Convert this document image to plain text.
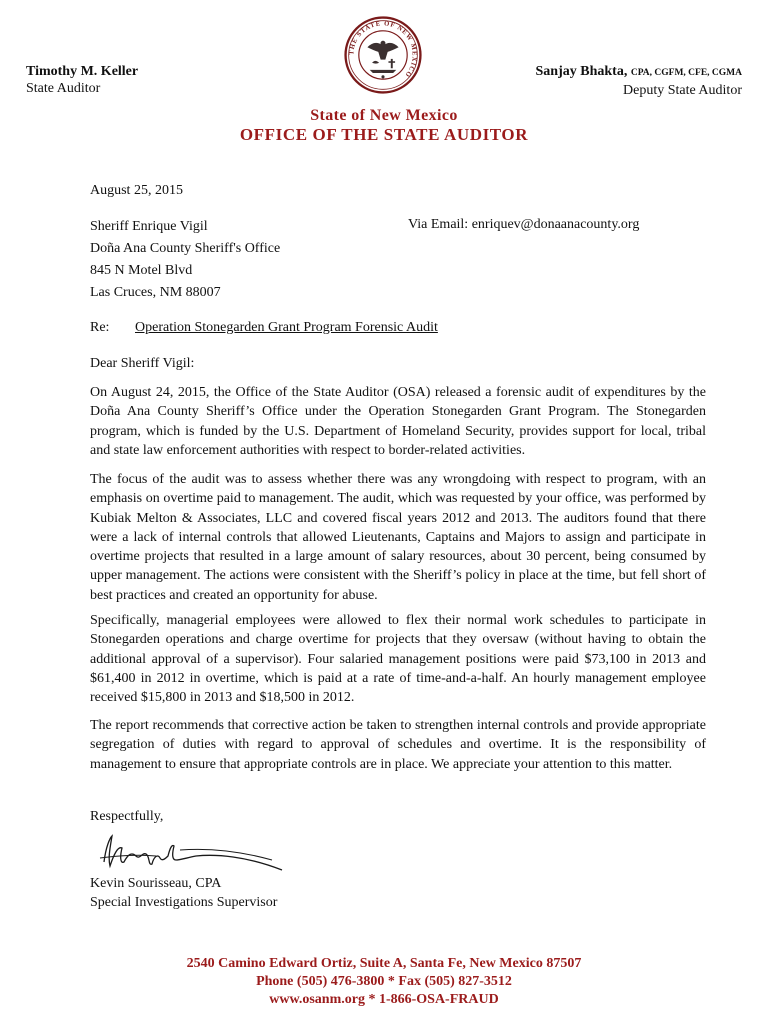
Timothy M. Keller
State Auditor
THE STATE OF NEW MEXICO	Sanjay Bhakta, CPA, CGFM, CFE, CGMA
Deputy State Auditor
State of New Mexico
OFFICE OF THE STATE AUDITOR
August 25, 2015
Sheriff Enrique Vigil
Doña Ana County Sheriff's Office
845 N Motel Blvd
Las Cruces, NM 88007
Via Email: enriquev@donaanacounty.org
Re: Operation Stonegarden Grant Program Forensic Audit
Dear Sheriff Vigil:
On August 24, 2015, the Office of the State Auditor (OSA) released a forensic audit of expenditures by the Doña Ana County Sheriff’s Office under the Operation Stonegarden Grant Program. The Stonegarden program, which is funded by the U.S. Department of Homeland Security, provides support for local, tribal and state law enforcement authorities with respect to border-related activities.
The focus of the audit was to assess whether there was any wrongdoing with respect to program, with an emphasis on overtime paid to management. The audit, which was requested by your office, was performed by Kubiak Melton & Associates, LLC and covered fiscal years 2012 and 2013. The auditors found that there were a lack of internal controls that allowed Lieutenants, Captains and Majors to assign and participate in overtime projects that resulted in a large amount of salary resources, about 30 percent, being consumed by upper management. The actions were consistent with the Sheriff’s policy in place at the time, but fell short of best practices and created an opportunity for abuse.
Specifically, managerial employees were allowed to flex their normal work schedules to participate in Stonegarden operations and charge overtime for projects that they oversaw (without having to obtain the additional approval of a supervisor). Four salaried management positions were paid $73,100 in 2013 and $61,400 in 2012 in overtime, which is paid at a rate of time-and-a-half. An hourly management employee received $15,800 in 2013 and $18,500 in 2012.
The report recommends that corrective action be taken to strengthen internal controls and provide appropriate segregation of duties with regard to approval of schedules and overtime. It is the responsibility of management to ensure that appropriate controls are in place. We appreciate your attention to this matter.
Respectfully,
Kevin Sourisseau, CPA
Special Investigations Supervisor
2540 Camino Edward Ortiz, Suite A, Santa Fe, New Mexico 87507
Phone (505) 476-3800 * Fax (505) 827-3512
www.osanm.org * 1-866-OSA-FRAUD
